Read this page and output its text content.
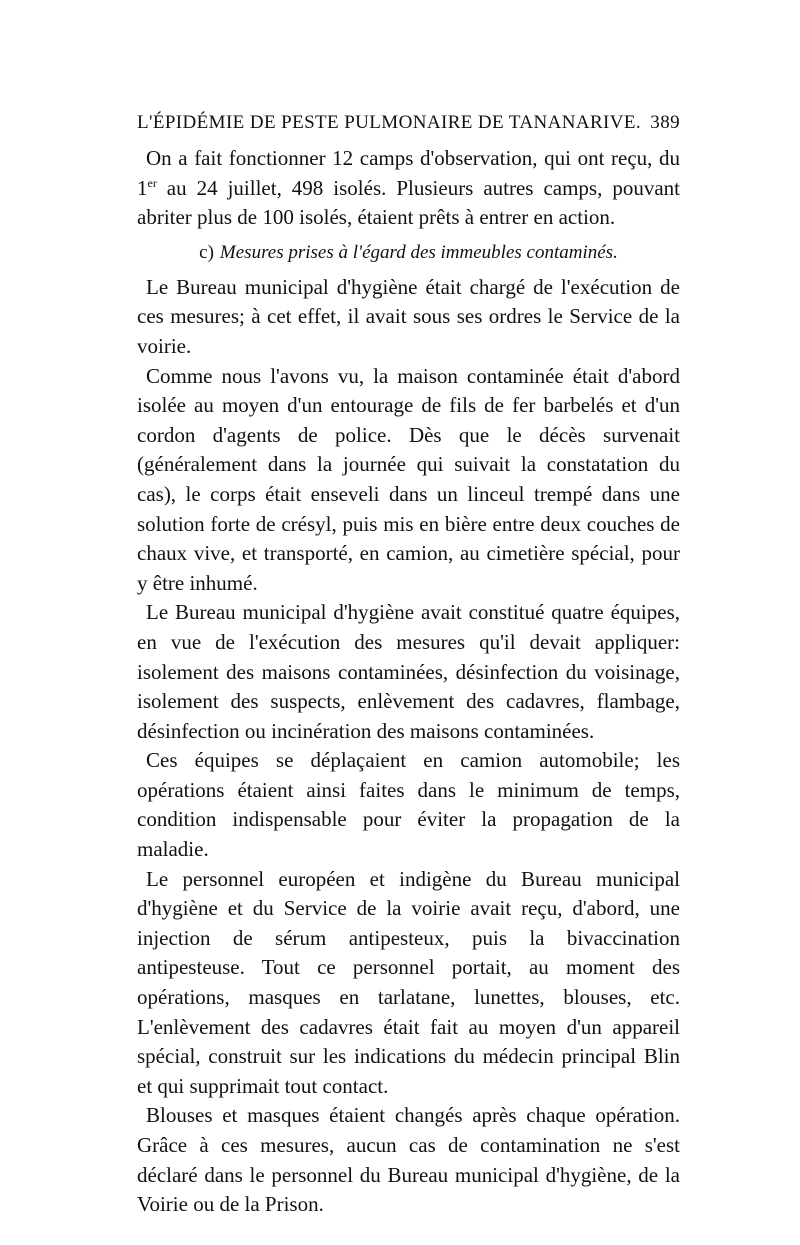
L'ÉPIDÉMIE DE PESTE PULMONAIRE DE TANANARIVE. 389

On a fait fonctionner 12 camps d'observation, qui ont reçu, du 1er au 24 juillet, 498 isolés. Plusieurs autres camps, pouvant abriter plus de 100 isolés, étaient prêts à entrer en action.

c) Mesures prises à l'égard des immeubles contaminés.

Le Bureau municipal d'hygiène était chargé de l'exécution de ces mesures; à cet effet, il avait sous ses ordres le Service de la voirie.

Comme nous l'avons vu, la maison contaminée était d'abord isolée au moyen d'un entourage de fils de fer barbelés et d'un cordon d'agents de police. Dès que le décès survenait (généralement dans la journée qui suivait la constatation du cas), le corps était enseveli dans un linceul trempé dans une solution forte de crésyl, puis mis en bière entre deux couches de chaux vive, et transporté, en camion, au cimetière spécial, pour y être inhumé.

Le Bureau municipal d'hygiène avait constitué quatre équipes, en vue de l'exécution des mesures qu'il devait appliquer: isolement des maisons contaminées, désinfection du voisinage, isolement des suspects, enlèvement des cadavres, flambage, désinfection ou incinération des maisons contaminées.

Ces équipes se déplaçaient en camion automobile; les opérations étaient ainsi faites dans le minimum de temps, condition indispensable pour éviter la propagation de la maladie.

Le personnel européen et indigène du Bureau municipal d'hygiène et du Service de la voirie avait reçu, d'abord, une injection de sérum antipesteux, puis la bivaccination antipesteuse. Tout ce personnel portait, au moment des opérations, masques en tarlatane, lunettes, blouses, etc. L'enlèvement des cadavres était fait au moyen d'un appareil spécial, construit sur les indications du médecin principal Blin et qui supprimait tout contact.

Blouses et masques étaient changés après chaque opération. Grâce à ces mesures, aucun cas de contamination ne s'est déclaré dans le personnel du Bureau municipal d'hygiène, de la Voirie ou de la Prison.
